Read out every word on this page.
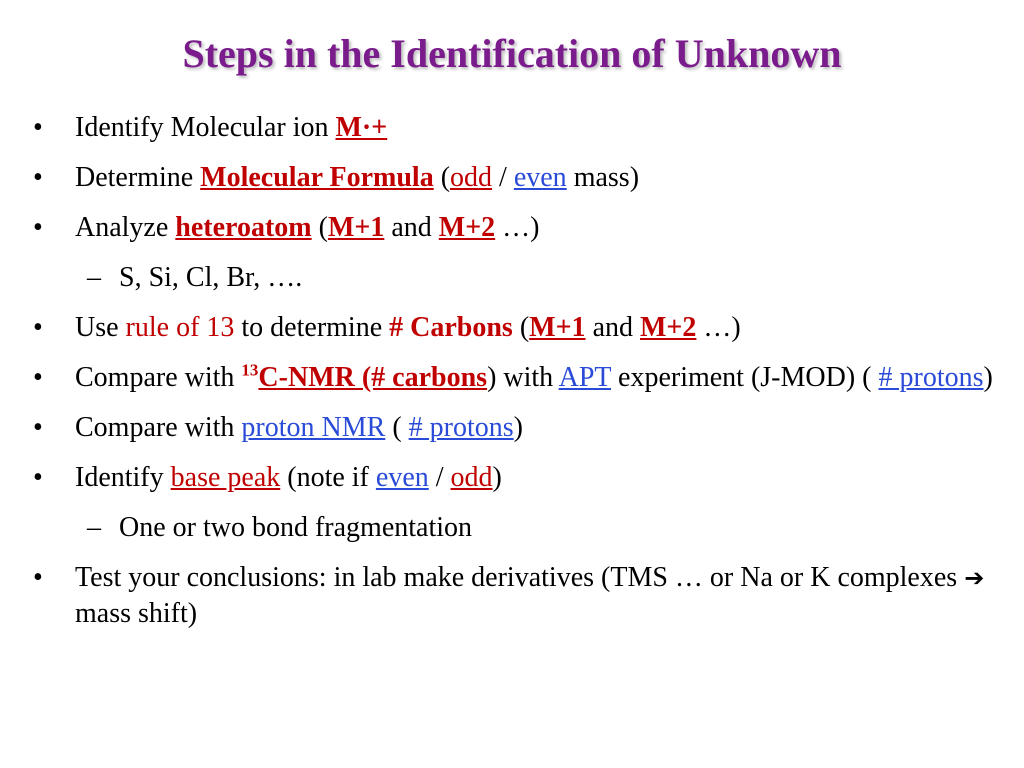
Steps in the Identification of Unknown
• Identify Molecular ion M·+
• Determine Molecular Formula (odd / even mass)
• Analyze heteroatom (M+1 and M+2 …)
– S, Si, Cl, Br, ….
• Use rule of 13 to determine # Carbons (M+1 and M+2 …)
• Compare with $^{13}$C-NMR (# carbons) with APT experiment (J-MOD) ( # protons)
• Compare with proton NMR ( # protons)
• Identify base peak (note if even / odd)
– One or two bond fragmentation
• Test your conclusions: in lab make derivatives (TMS … or Na or K complexes ➔ mass shift)
